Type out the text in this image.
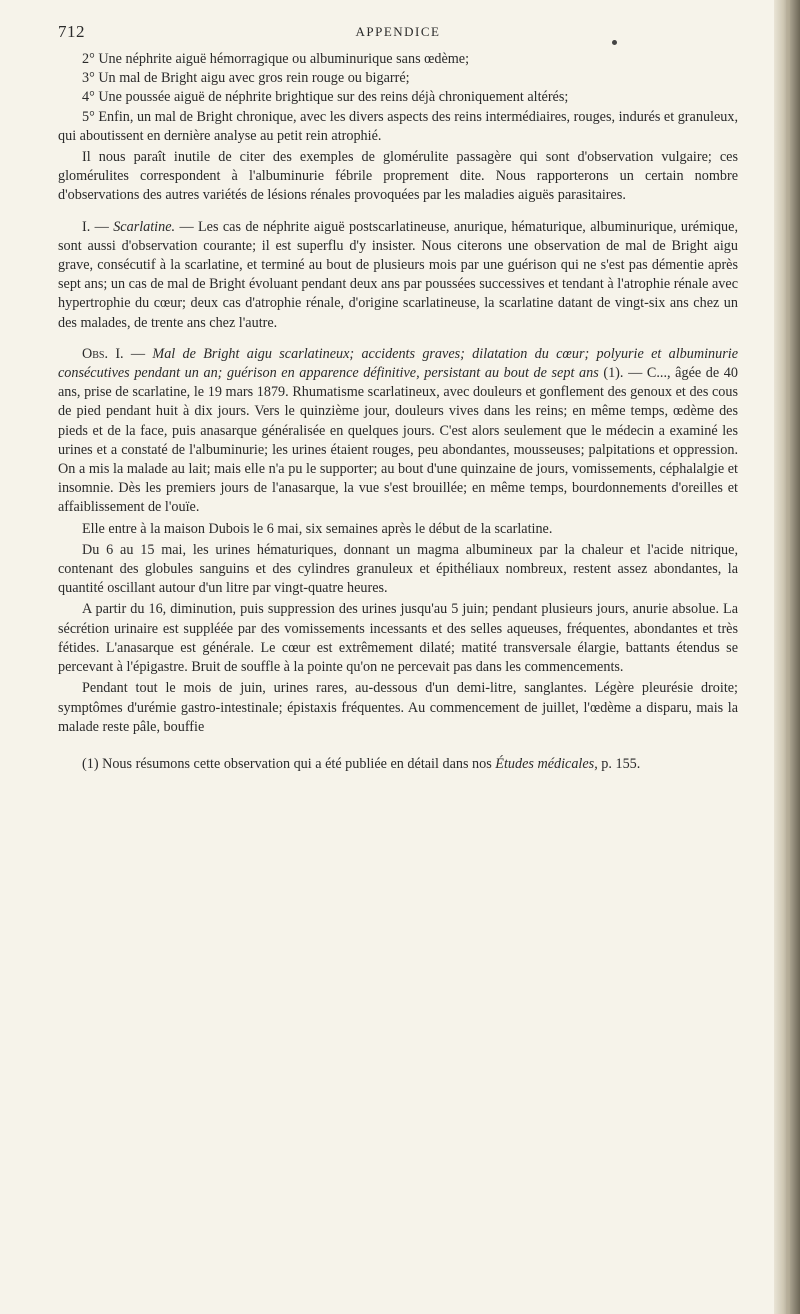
712	APPENDICE

2° Une néphrite aiguë hémorragique ou albuminurique sans œdème;

3° Un mal de Bright aigu avec gros rein rouge ou bigarré;

4° Une poussée aiguë de néphrite brightique sur des reins déjà chroniquement altérés;

5° Enfin, un mal de Bright chronique, avec les divers aspects des reins intermédiaires, rouges, indurés et granuleux, qui aboutissent en dernière analyse au petit rein atrophié.

Il nous paraît inutile de citer des exemples de glomérulite passagère qui sont d'observation vulgaire; ces glomérulites correspondent à l'albuminurie fébrile proprement dite. Nous rapporterons un certain nombre d'observations des autres variétés de lésions rénales provoquées par les maladies aiguës parasitaires.

I. — Scarlatine. — Les cas de néphrite aiguë postscarlatineuse, anurique, hématurique, albuminurique, urémique, sont aussi d'observation courante; il est superflu d'y insister. Nous citerons une observation de mal de Bright aigu grave, consécutif à la scarlatine, et terminé au bout de plusieurs mois par une guérison qui ne s'est pas démentie après sept ans; un cas de mal de Bright évoluant pendant deux ans par poussées successives et tendant à l'atrophie rénale avec hypertrophie du cœur; deux cas d'atrophie rénale, d'origine scarlatineuse, la scarlatine datant de vingt-six ans chez un des malades, de trente ans chez l'autre.

Obs. I. — Mal de Bright aigu scarlatineux; accidents graves; dilatation du cœur; polyurie et albuminurie consécutives pendant un an; guérison en apparence définitive, persistant au bout de sept ans (1). — C..., âgée de 40 ans, prise de scarlatine, le 19 mars 1879. Rhumatisme scarlatineux, avec douleurs et gonflement des genoux et des cous de pied pendant huit à dix jours. Vers le quinzième jour, douleurs vives dans les reins; en même temps, œdème des pieds et de la face, puis anasarque généralisée en quelques jours. C'est alors seulement que le médecin a examiné les urines et a constaté de l'albuminurie; les urines étaient rouges, peu abondantes, mousseuses; palpitations et oppression. On a mis la malade au lait; mais elle n'a pu le supporter; au bout d'une quinzaine de jours, vomissements, céphalalgie et insomnie. Dès les premiers jours de l'anasarque, la vue s'est brouillée; en même temps, bourdonnements d'oreilles et affaiblissement de l'ouïe.

Elle entre à la maison Dubois le 6 mai, six semaines après le début de la scarlatine.

Du 6 au 15 mai, les urines hématuriques, donnant un magma albumineux par la chaleur et l'acide nitrique, contenant des globules sanguins et des cylindres granuleux et épithéliaux nombreux, restent assez abondantes, la quantité oscillant autour d'un litre par vingt-quatre heures.

A partir du 16, diminution, puis suppression des urines jusqu'au 5 juin; pendant plusieurs jours, anurie absolue. La sécrétion urinaire est suppléée par des vomissements incessants et des selles aqueuses, fréquentes, abondantes et très fétides. L'anasarque est générale. Le cœur est extrêmement dilaté; matité transversale élargie, battants étendus se percevant à l'épigastre. Bruit de souffle à la pointe qu'on ne percevait pas dans les commencements.

Pendant tout le mois de juin, urines rares, au-dessous d'un demi-litre, sanglantes. Légère pleurésie droite; symptômes d'urémie gastro-intestinale; épistaxis fréquentes. Au commencement de juillet, l'œdème a disparu, mais la malade reste pâle, bouffie

(1) Nous résumons cette observation qui a été publiée en détail dans nos Études médicales, p. 155.
